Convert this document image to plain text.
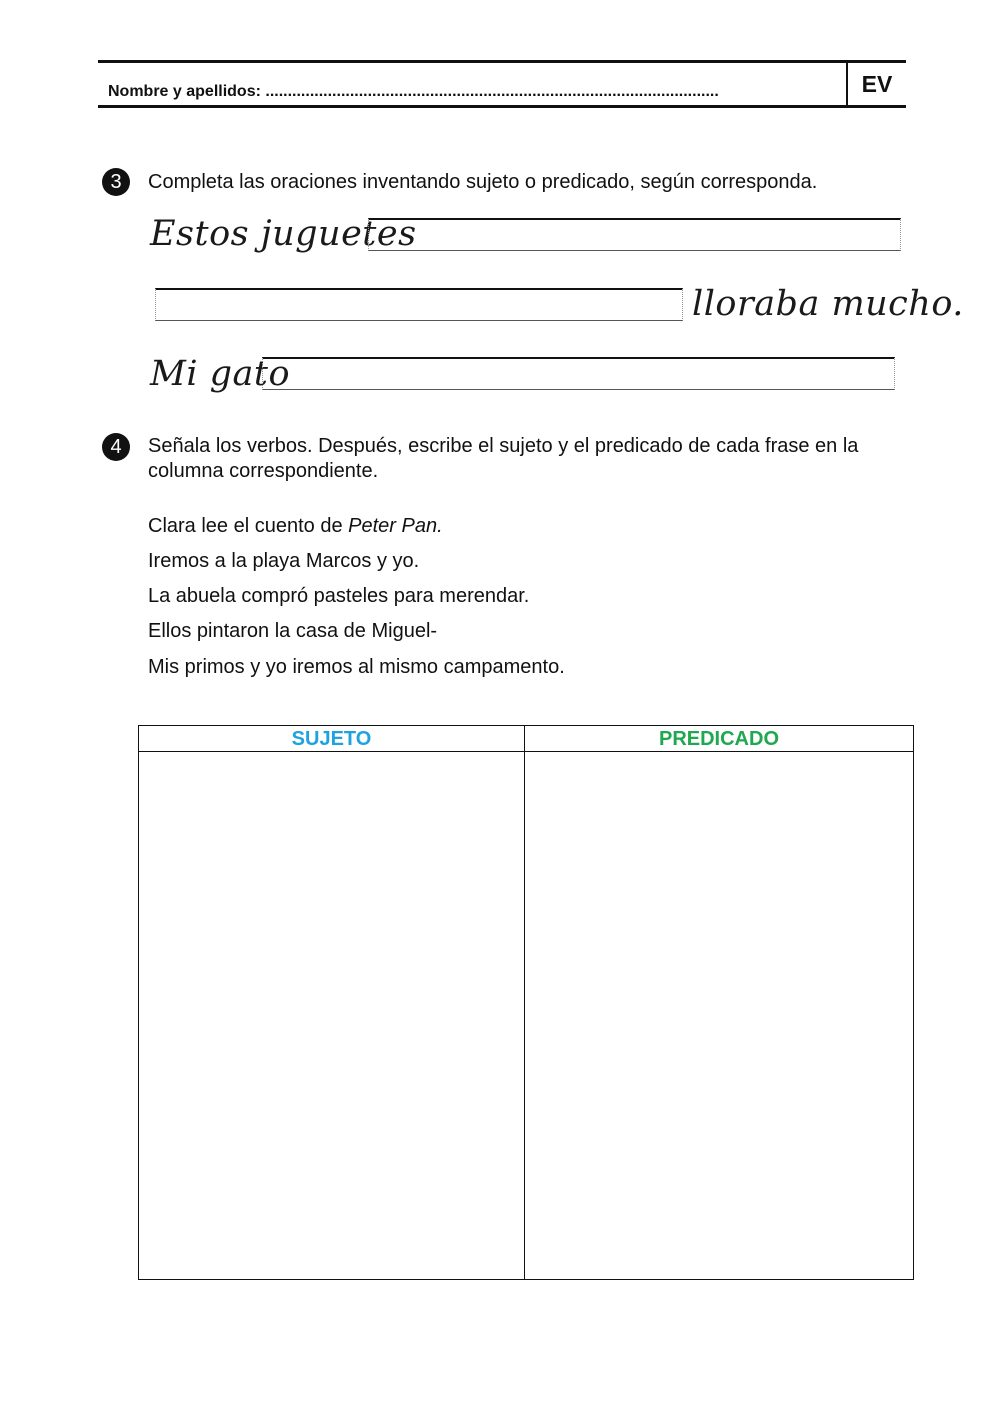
Nombre y apellidos: ......................................................................................................	EV
3 Completa las oraciones inventando sujeto o predicado, según corresponda.
Estos juguetes
lloraba mucho.
Mi gato
4 Señala los verbos. Después, escribe el sujeto y el predicado de cada frase en la columna correspondiente.
Clara lee el cuento de Peter Pan.
Iremos a la playa Marcos y yo.
La abuela compró pasteles para merendar.
Ellos pintaron la casa de Miguel-
Mis primos y yo iremos al mismo campamento.
SUJETO	PREDICADO
